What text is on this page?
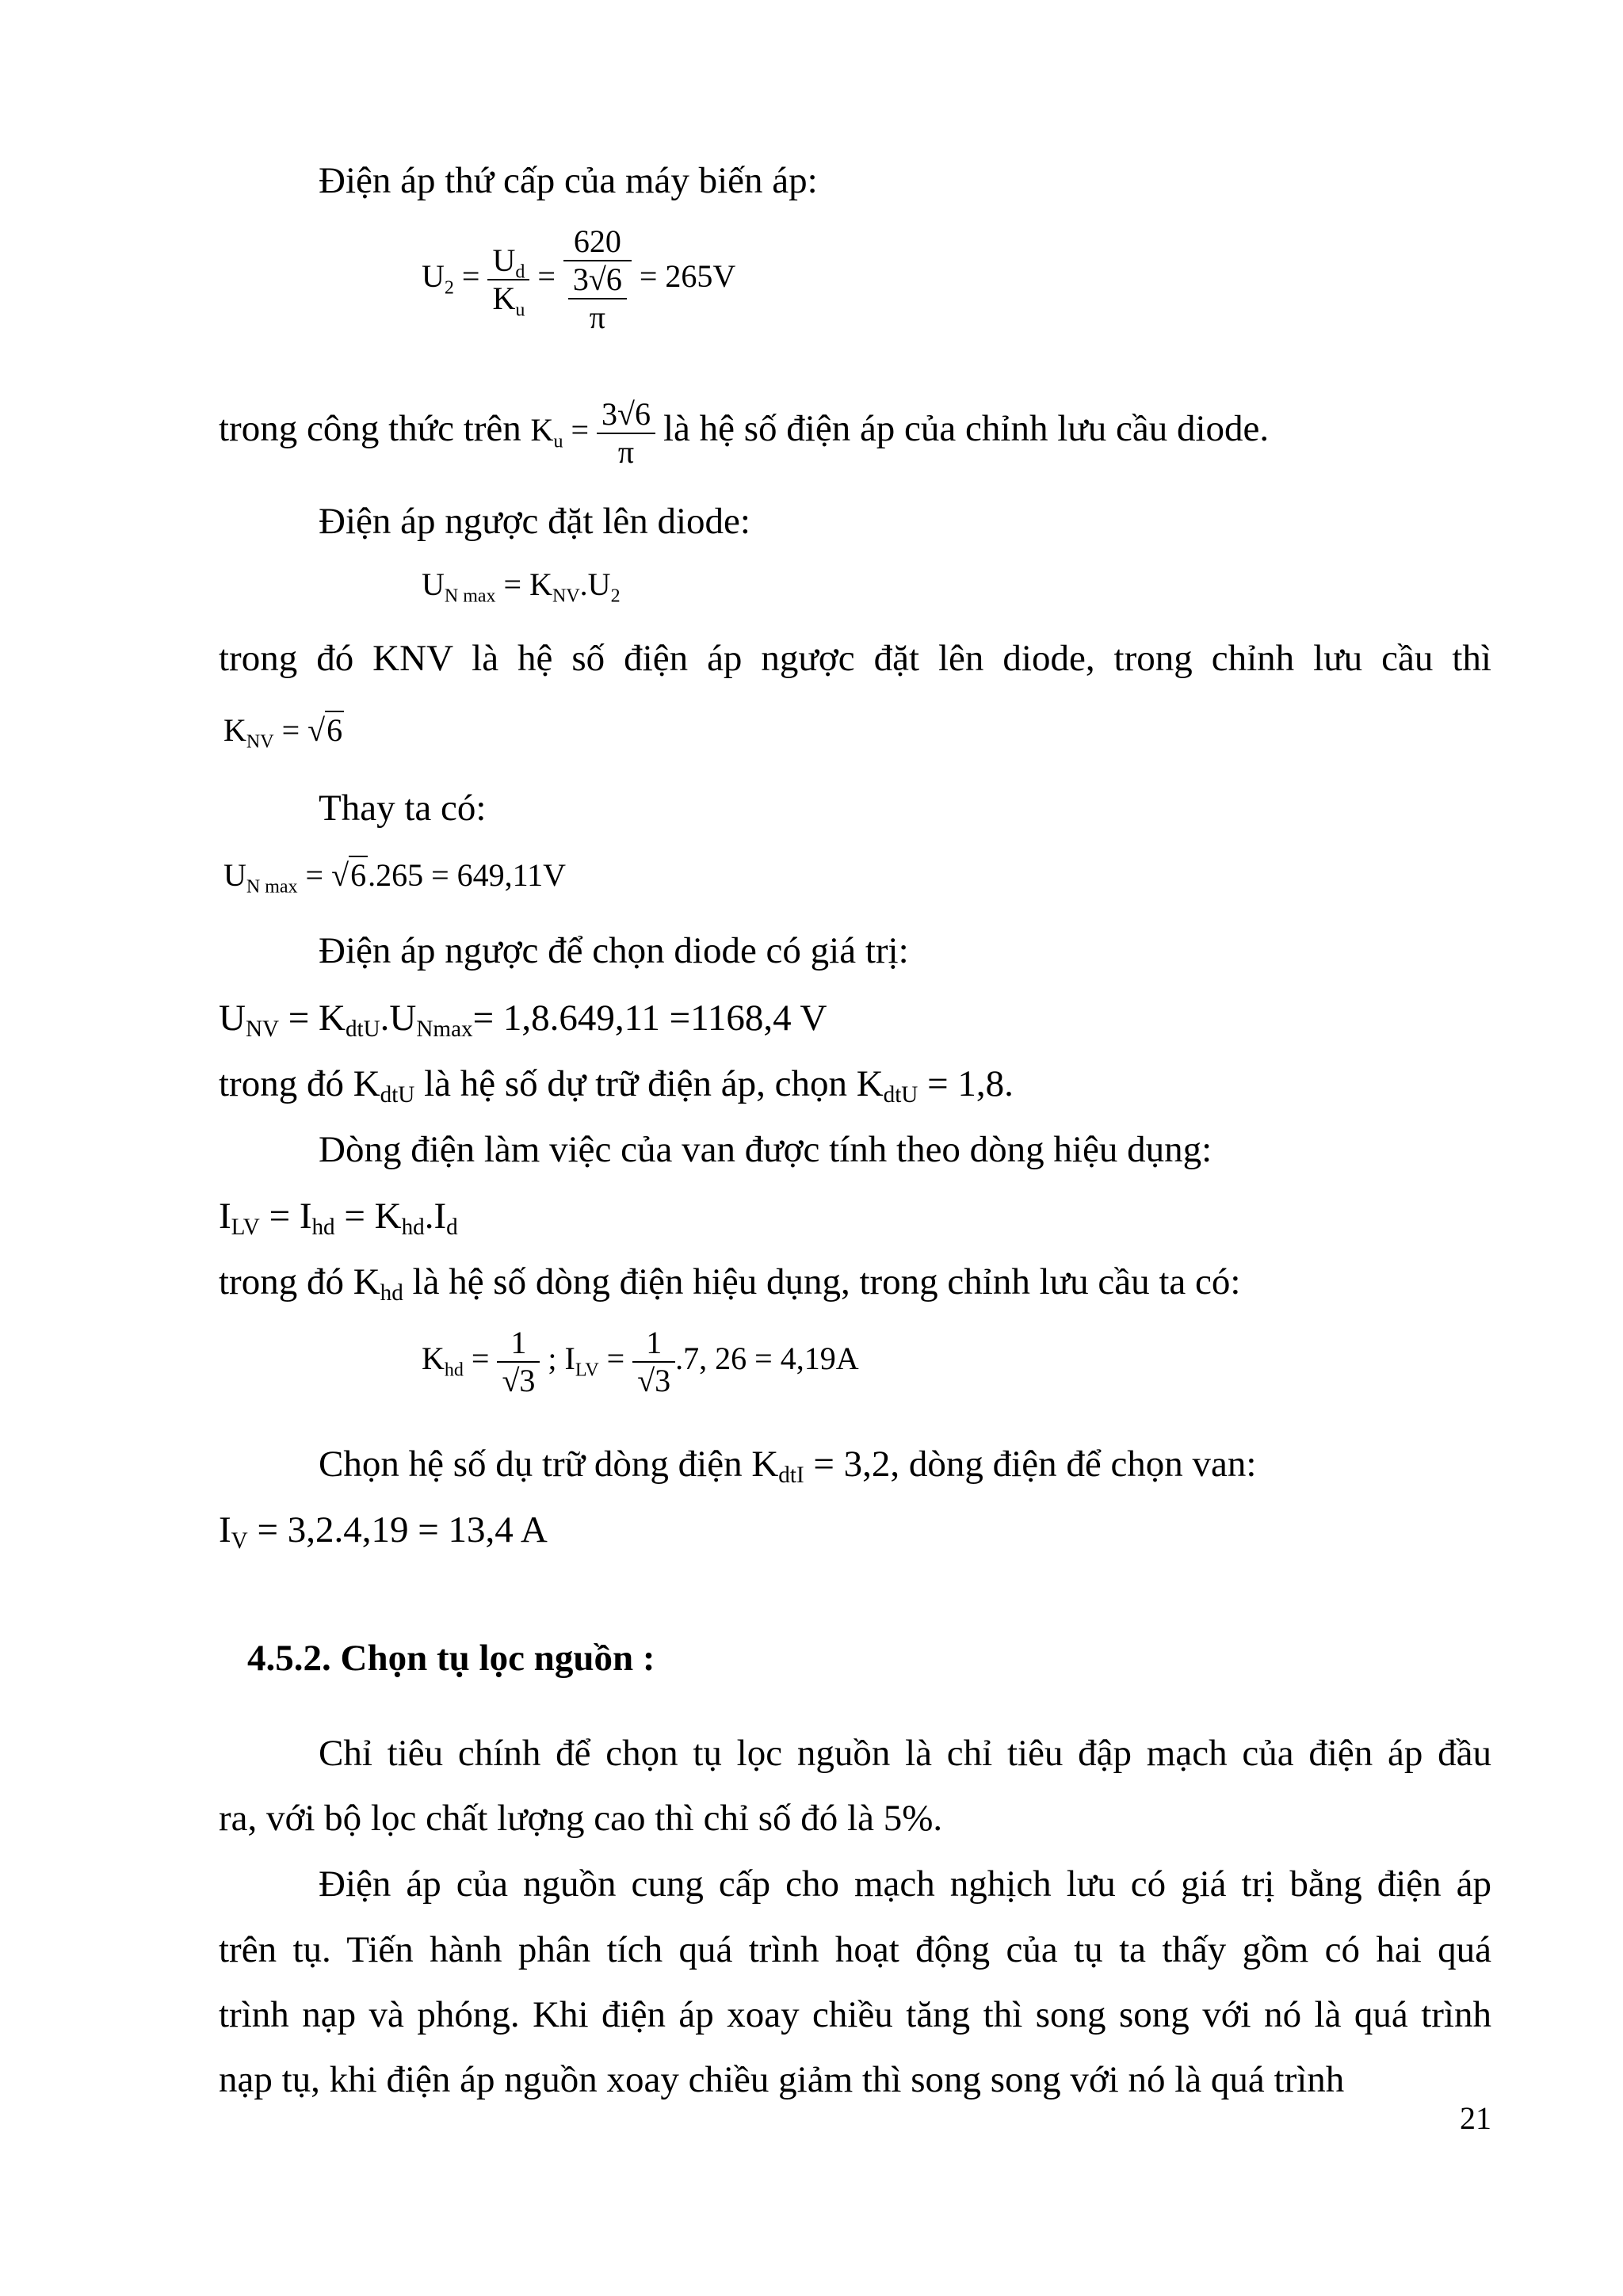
Điện áp thứ cấp của máy biến áp:
$U_2 = \frac{U_d}{K_u} = \frac{620}{\frac{3√6}{\pi}} = 265V$
trong công thức trên $K_u = \frac{3√6}{\pi}$ là hệ số điện áp của chỉnh lưu cầu diode.
Điện áp ngược đặt lên diode:
$U_{N max} = K_{NV}.U_2$
trong đó KNV là hệ số điện áp ngược đặt lên diode, trong chỉnh lưu cầu thì
$K_{NV} = √6$
Thay ta có:
$U_{N max} = √6.265 = 649,11V$
Điện áp ngược để chọn diode có giá trị:
$U_{NV} = K_{dtU}.U_{Nmax}= 1,8.649,11 =1168,4$ V
trong đó $K_{dtU}$ là hệ số dự trữ điện áp, chọn $K_{dtU} = 1,8$.
Dòng điện làm việc của van được tính theo dòng hiệu dụng:
$I_{LV} = I_{hd} = K_{hd}.I_d$
trong đó $K_{hd}$ là hệ số dòng điện hiệu dụng, trong chỉnh lưu cầu ta có:
$K_{hd} = \frac{1}{√3}$ ; $I_{LV} = \frac{1}{√3} .7$, 26 = 4,19A
Chọn hệ số dụ trữ dòng điện $K_{dtI} = 3,2$, dòng điện để chọn van:
$I_V = 3,2.4,19 = 13,4$ A
4.5.2. Chọn tụ lọc nguồn :
Chỉ tiêu chính để chọn tụ lọc nguồn là chỉ tiêu đập mạch của điện áp đầu
ra, với bộ lọc chất lượng cao thì chỉ số đó là 5%.
Điện áp của nguồn cung cấp cho mạch nghịch lưu có giá trị bằng điện áp
trên tụ. Tiến hành phân tích quá trình hoạt động của tụ ta thấy gồm có hai quá
trình nạp và phóng. Khi điện áp xoay chiều tăng thì song song với nó là quá trình
nạp tụ, khi điện áp nguồn xoay chiều giảm thì song song với nó là quá trình
21
